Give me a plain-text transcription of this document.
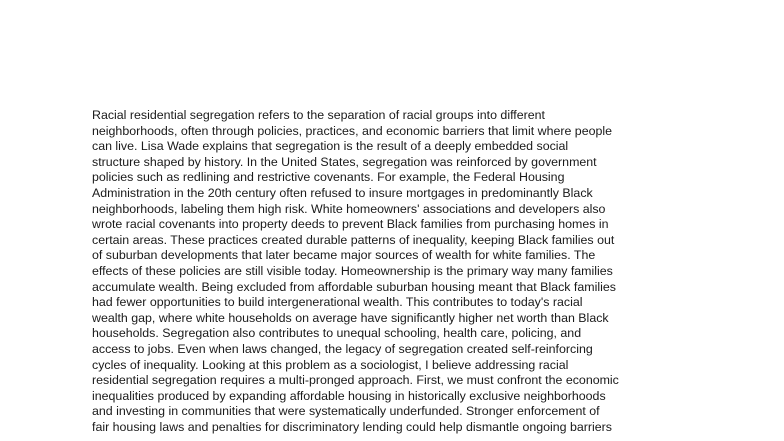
Racial residential segregation refers to the separation of racial groups into different
neighborhoods, often through policies, practices, and economic barriers that limit where people
can live. Lisa Wade explains that segregation is the result of a deeply embedded social
structure shaped by history. In the United States, segregation was reinforced by government
policies such as redlining and restrictive covenants. For example, the Federal Housing
Administration in the 20th century often refused to insure mortgages in predominantly Black
neighborhoods, labeling them high risk. White homeowners' associations and developers also
wrote racial covenants into property deeds to prevent Black families from purchasing homes in
certain areas. These practices created durable patterns of inequality, keeping Black families out
of suburban developments that later became major sources of wealth for white families. The
effects of these policies are still visible today. Homeownership is the primary way many families
accumulate wealth. Being excluded from affordable suburban housing meant that Black families
had fewer opportunities to build intergenerational wealth. This contributes to today's racial
wealth gap, where white households on average have significantly higher net worth than Black
households. Segregation also contributes to unequal schooling, health care, policing, and
access to jobs. Even when laws changed, the legacy of segregation created self-reinforcing
cycles of inequality. Looking at this problem as a sociologist, I believe addressing racial
residential segregation requires a multi-pronged approach. First, we must confront the economic
inequalities produced by expanding affordable housing in historically exclusive neighborhoods
and investing in communities that were systematically underfunded. Stronger enforcement of
fair housing laws and penalties for discriminatory lending could help dismantle ongoing barriers
